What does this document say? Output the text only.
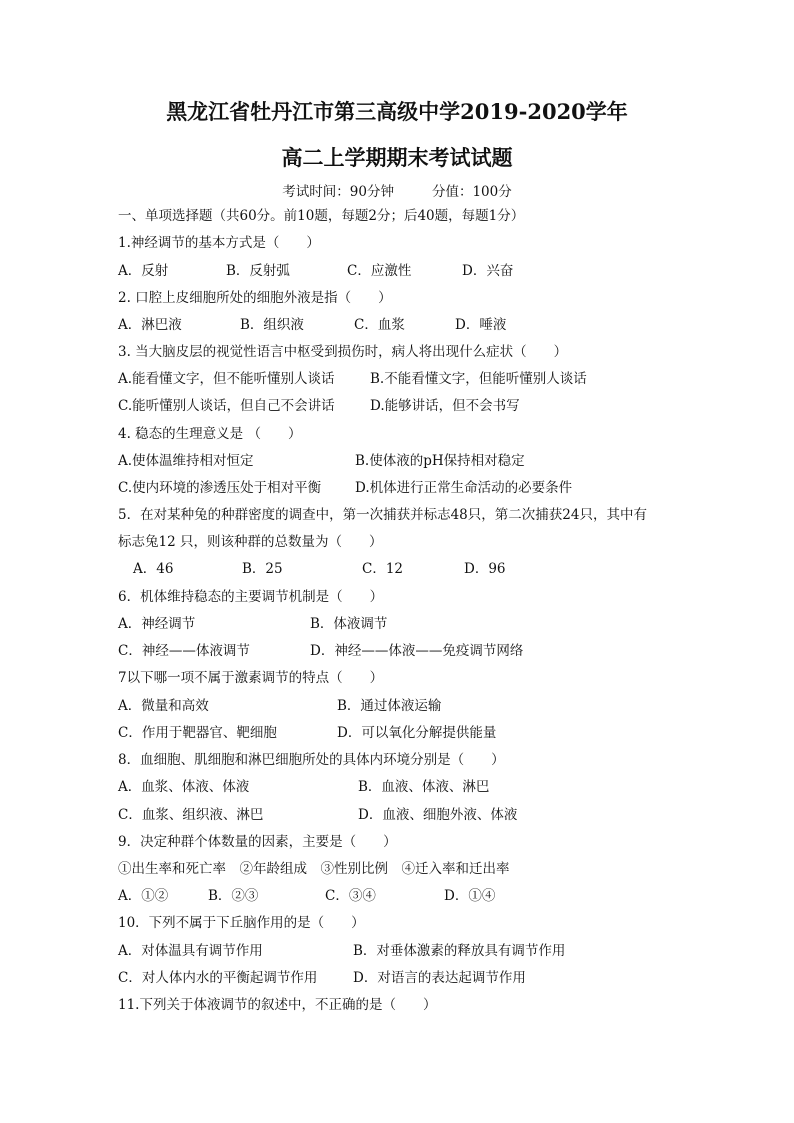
黑龙江省牡丹江市第三高级中学2019-2020学年
高二上学期期末考试试题
考试时间：90分钟	分值：100分
一、单项选择题（共60分。前10题，每题2分；后40题，每题1分）
1.神经调节的基本方式是（　　）
A．反射	B．反射弧	C．应激性	D．兴奋
2. 口腔上皮细胞所处的细胞外液是指（　　）
A．淋巴液	B．组织液	C．血浆	D．唾液
3. 当大脑皮层的视觉性语言中枢受到损伤时，病人将出现什么症状（　　）
A.能看懂文字，但不能听懂别人谈话	B.不能看懂文字，但能听懂别人谈话
C.能听懂别人谈话，但自己不会讲话	D.能够讲话，但不会书写
4. 稳态的生理意义是 （　　）
A.使体温维持相对恒定	B.使体液的pH保持相对稳定
C.使内环境的渗透压处于相对平衡	D.机体进行正常生命活动的必要条件
5．在对某种兔的种群密度的调查中，第一次捕获并标志48只，第二次捕获24只，其中有
标志兔12 只，则该种群的总数量为（　　）
A．46	B．25	C．12	D．96
6．机体维持稳态的主要调节机制是（　　）
A．神经调节	B．体液调节
C．神经——体液调节	D．神经——体液——免疫调节网络
7以下哪一项不属于激素调节的特点（　　）
A．微量和高效	B．通过体液运输
C．作用于靶器官、靶细胞	D．可以氧化分解提供能量
8．血细胞、肌细胞和淋巴细胞所处的具体内环境分别是（　　）
A．血浆、体液、体液	B．血液、体液、淋巴
C．血浆、组织液、淋巴	D．血液、细胞外液、体液
9．决定种群个体数量的因素，主要是（　　）
①出生率和死亡率　②年龄组成　③性别比例　④迁入率和迁出率
A．①②	B．②③	C．③④	D．①④
10．下列不属于下丘脑作用的是（　　）
A．对体温具有调节作用	B．对垂体激素的释放具有调节作用
C．对人体内水的平衡起调节作用	D．对语言的表达起调节作用
11.下列关于体液调节的叙述中，不正确的是（　　）
